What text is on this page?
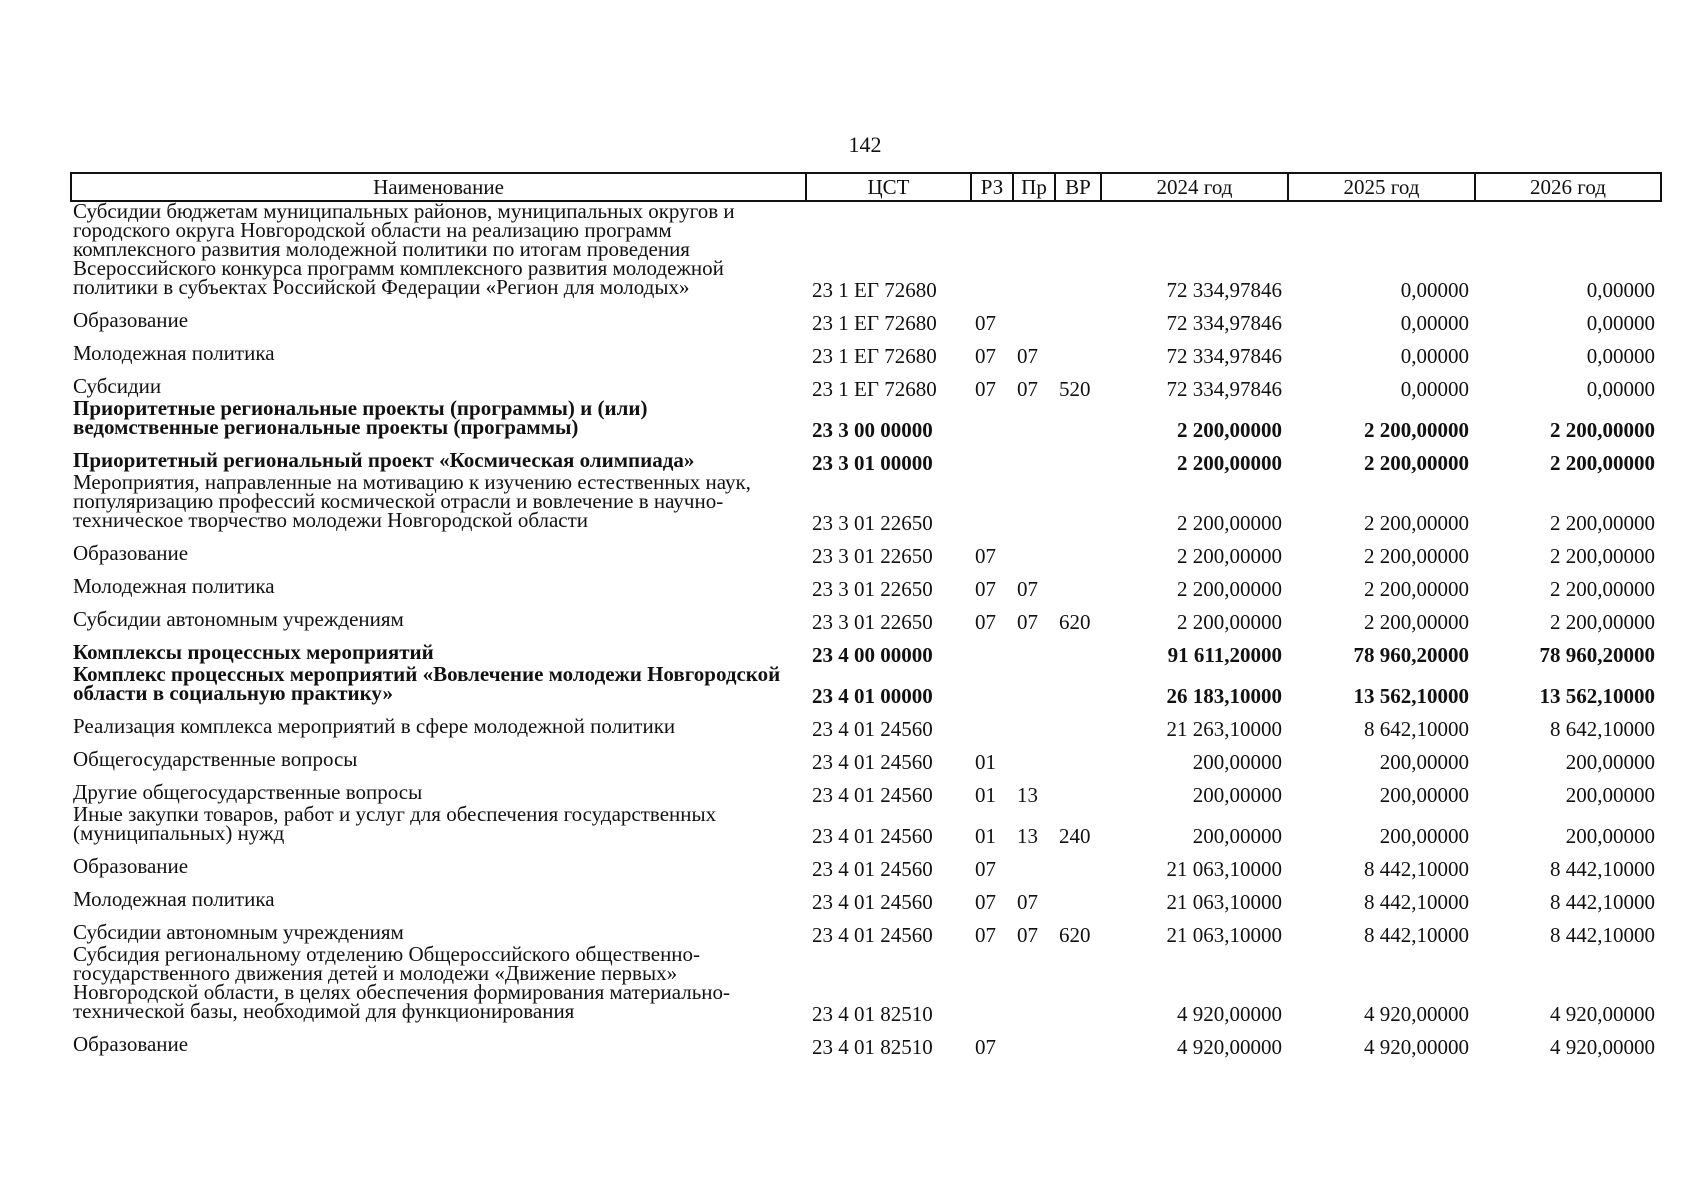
142
Наименование	ЦСТ	РЗ	Пр	ВР	2024 год	2025 год	2026 год
Субсидии бюджетам муниципальных районов, муниципальных округов и городского округа Новгородской области на реализацию программ комплексного развития молодежной политики по итогам проведения Всероссийского конкурса программ комплексного развития молодежной политики в субъектах Российской Федерации «Регион для молодых»	23 1 ЕГ 72680				72 334,97846	0,00000	0,00000
Образование	23 1 ЕГ 72680	07			72 334,97846	0,00000	0,00000
Молодежная политика	23 1 ЕГ 72680	07	07		72 334,97846	0,00000	0,00000
Субсидии	23 1 ЕГ 72680	07	07	520	72 334,97846	0,00000	0,00000
Приоритетные региональные проекты (программы) и (или) ведомственные региональные проекты (программы)	23 3 00 00000				2 200,00000	2 200,00000	2 200,00000
Приоритетный региональный проект «Космическая олимпиада»	23 3 01 00000				2 200,00000	2 200,00000	2 200,00000
Мероприятия, направленные на мотивацию к изучению естественных наук, популяризацию профессий космической отрасли и вовлечение в научно-техническое творчество молодежи Новгородской области	23 3 01 22650				2 200,00000	2 200,00000	2 200,00000
Образование	23 3 01 22650	07			2 200,00000	2 200,00000	2 200,00000
Молодежная политика	23 3 01 22650	07	07		2 200,00000	2 200,00000	2 200,00000
Субсидии автономным учреждениям	23 3 01 22650	07	07	620	2 200,00000	2 200,00000	2 200,00000
Комплексы процессных мероприятий	23 4 00 00000				91 611,20000	78 960,20000	78 960,20000
Комплекс процессных мероприятий «Вовлечение молодежи Новгородской области в социальную практику»	23 4 01 00000				26 183,10000	13 562,10000	13 562,10000
Реализация комплекса мероприятий в сфере молодежной политики	23 4 01 24560				21 263,10000	8 642,10000	8 642,10000
Общегосударственные вопросы	23 4 01 24560	01			200,00000	200,00000	200,00000
Другие общегосударственные вопросы	23 4 01 24560	01	13		200,00000	200,00000	200,00000
Иные закупки товаров, работ и услуг для обеспечения государственных (муниципальных) нужд	23 4 01 24560	01	13	240	200,00000	200,00000	200,00000
Образование	23 4 01 24560	07			21 063,10000	8 442,10000	8 442,10000
Молодежная политика	23 4 01 24560	07	07		21 063,10000	8 442,10000	8 442,10000
Субсидии автономным учреждениям	23 4 01 24560	07	07	620	21 063,10000	8 442,10000	8 442,10000
Субсидия региональному отделению Общероссийского общественно-государственного движения детей и молодежи «Движение первых» Новгородской области, в целях обеспечения формирования материально-технической базы, необходимой для функционирования	23 4 01 82510				4 920,00000	4 920,00000	4 920,00000
Образование	23 4 01 82510	07			4 920,00000	4 920,00000	4 920,00000
